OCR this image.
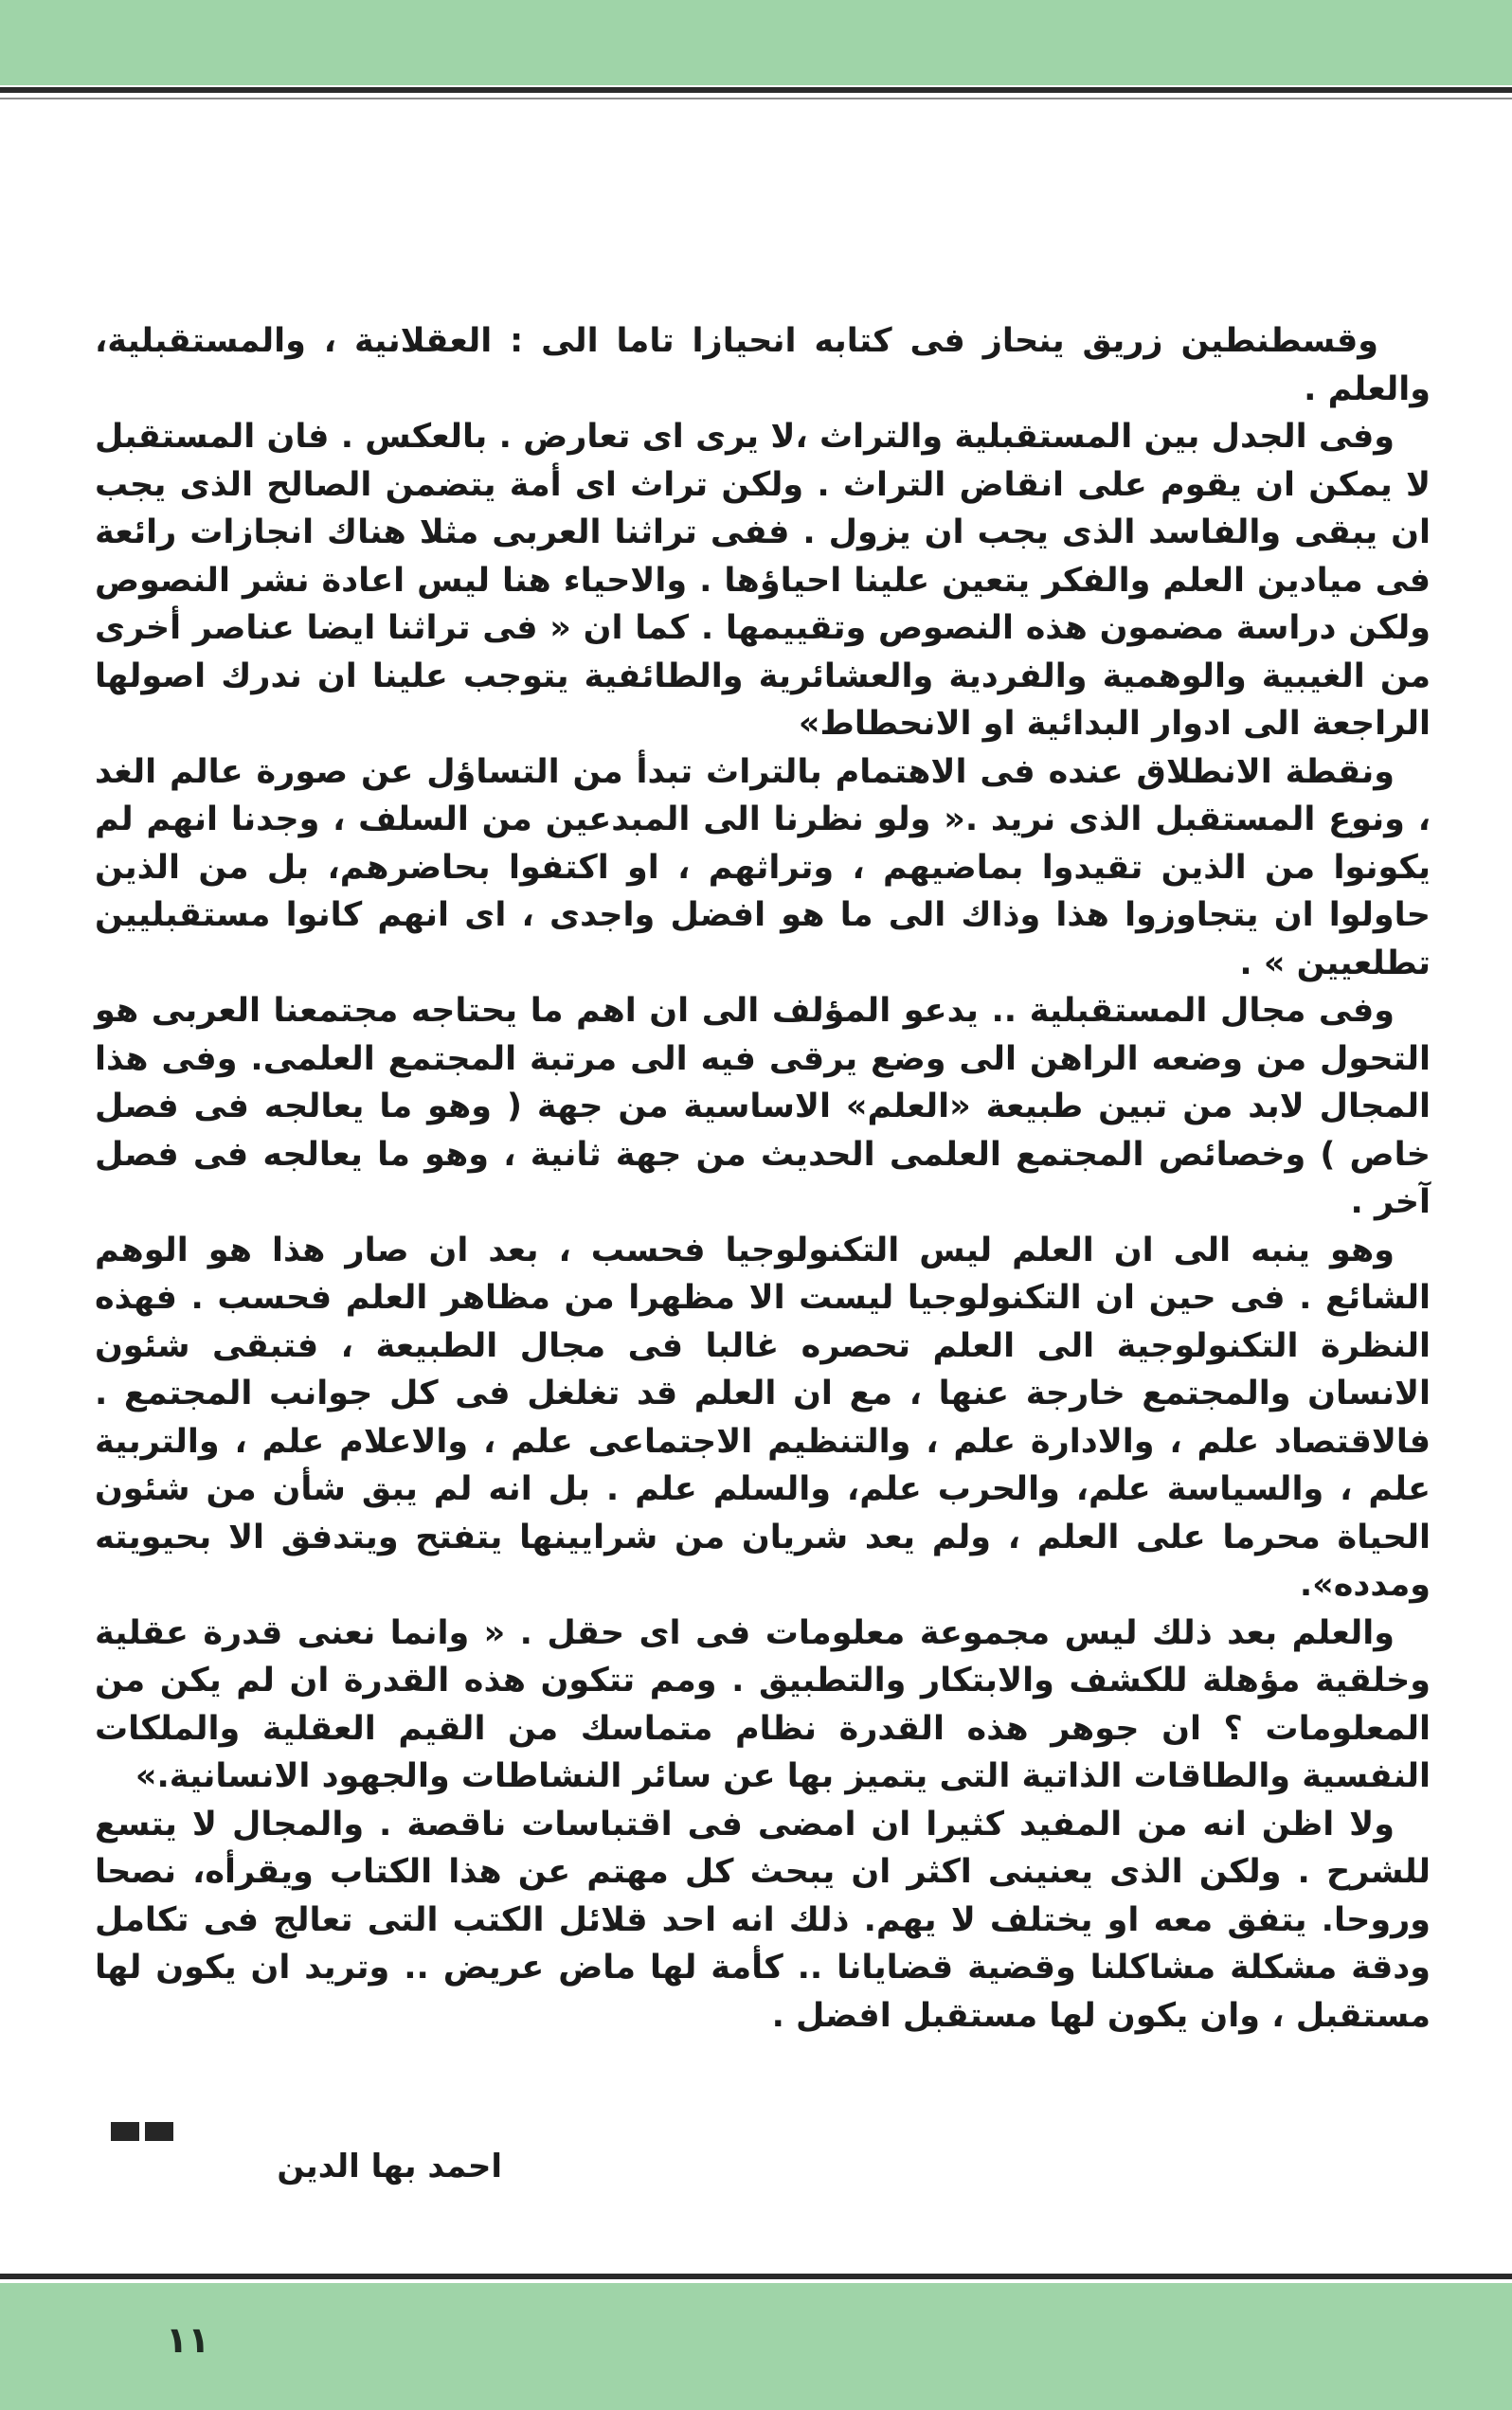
وقسطنطين زريق ينحاز فى كتابه انحيازا تاما الى : العقلانية ، والمستقبلية، والعلم .

وفى الجدل بين المستقبلية والتراث ،لا يرى اى تعارض . بالعكس . فان المستقبل لا يمكن ان يقوم على انقاض التراث . ولكن تراث اى أمة يتضمن الصالح الذى يجب ان يبقى والفاسد الذى يجب ان يزول . ففى تراثنا العربى مثلا هناك انجازات رائعة فى ميادين العلم والفكر يتعين علينا احياؤها . والاحياء هنا ليس اعادة نشر النصوص ولكن دراسة مضمون هذه النصوص وتقييمها . كما ان « فى تراثنا ايضا عناصر أخرى من الغيبية والوهمية والفردية والعشائرية والطائفية يتوجب علينا ان ندرك اصولها الراجعة الى ادوار البدائية او الانحطاط»

ونقطة الانطلاق عنده فى الاهتمام بالتراث تبدأ من التساؤل عن صورة عالم الغد ، ونوع المستقبل الذى نريد .« ولو نظرنا الى المبدعين من السلف ، وجدنا انهم لم يكونوا من الذين تقيدوا بماضيهم ، وتراثهم ، او اكتفوا بحاضرهم، بل من الذين حاولوا ان يتجاوزوا هذا وذاك الى ما هو افضل واجدى ، اى انهم كانوا مستقبليين تطلعيين » .

وفى مجال المستقبلية .. يدعو المؤلف الى ان اهم ما يحتاجه مجتمعنا العربى هو التحول من وضعه الراهن الى وضع يرقى فيه الى مرتبة المجتمع العلمى. وفى هذا المجال لابد من تبين طبيعة «العلم» الاساسية من جهة ( وهو ما يعالجه فى فصل خاص ) وخصائص المجتمع العلمى الحديث من جهة ثانية ، وهو ما يعالجه فى فصل آخر .

وهو ينبه الى ان العلم ليس التكنولوجيا فحسب ، بعد ان صار هذا هو الوهم الشائع . فى حين ان التكنولوجيا ليست الا مظهرا من مظاهر العلم فحسب . فهذه النظرة التكنولوجية الى العلم تحصره غالبا فى مجال الطبيعة ، فتبقى شئون الانسان والمجتمع خارجة عنها ، مع ان العلم قد تغلغل فى كل جوانب المجتمع . فالاقتصاد علم ، والادارة علم ، والتنظيم الاجتماعى علم ، والاعلام علم ، والتربية علم ، والسياسة علم، والحرب علم، والسلم علم . بل انه لم يبق شأن من شئون الحياة محرما على العلم ، ولم يعد شريان من شرايينها يتفتح ويتدفق الا بحيويته ومدده».

والعلم بعد ذلك ليس مجموعة معلومات فى اى حقل . « وانما نعنى قدرة عقلية وخلقية مؤهلة للكشف والابتكار والتطبيق . ومم تتكون هذه القدرة ان لم يكن من المعلومات ؟ ان جوهر هذه القدرة نظام متماسك من القيم العقلية والملكات النفسية والطاقات الذاتية التى يتميز بها عن سائر النشاطات والجهود الانسانية.»

ولا اظن انه من المفيد كثيرا ان امضى فى اقتباسات ناقصة . والمجال لا يتسع للشرح . ولكن الذى يعنينى اكثر ان يبحث كل مهتم عن هذا الكتاب ويقرأه، نصحا وروحا. يتفق معه او يختلف لا يهم. ذلك انه احد قلائل الكتب التى تعالج فى تكامل ودقة مشكلة مشاكلنا وقضية قضايانا .. كأمة لها ماض عريض .. وتريد ان يكون لها مستقبل ، وان يكون لها مستقبل افضل .

احمد بها الدين
١١
